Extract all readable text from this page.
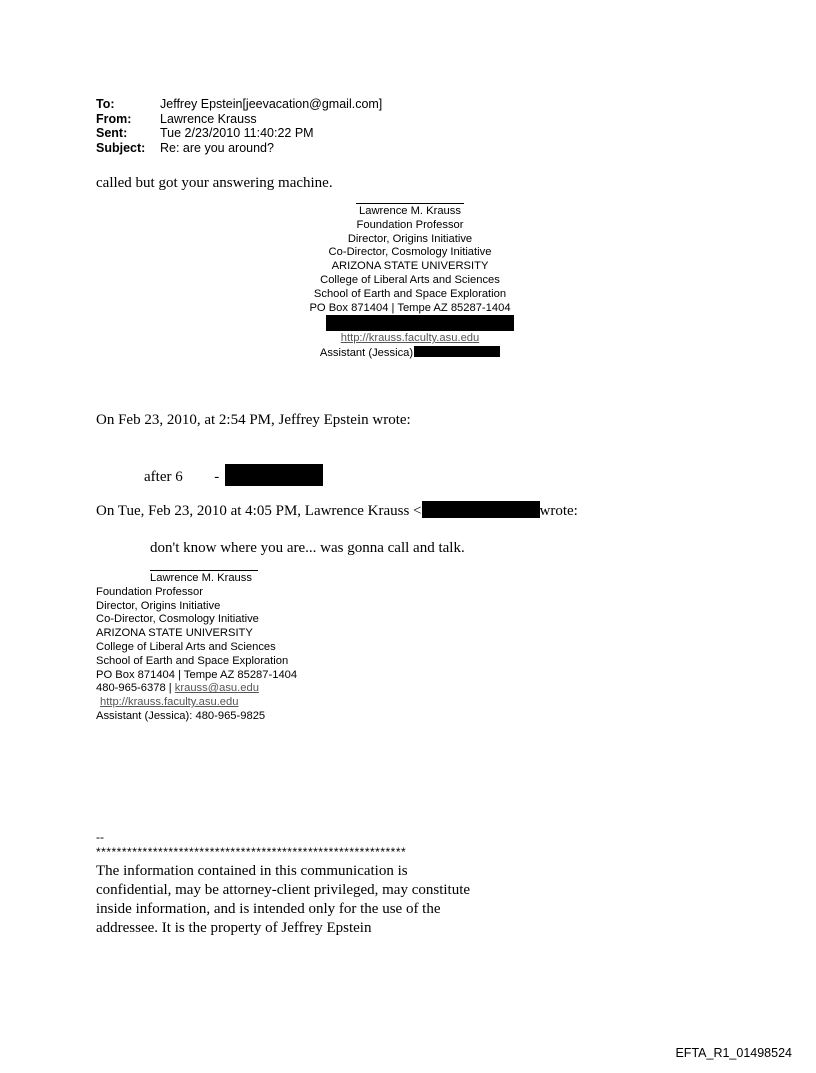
To:	Jeffrey Epstein[jeevacation@gmail.com]
From:	Lawrence Krauss
Sent:	Tue 2/23/2010 11:40:22 PM
Subject:	Re: are you around?
called but got your answering machine.
Lawrence M. Krauss
Foundation Professor
Director, Origins Initiative
Co-Director, Cosmology Initiative
ARIZONA STATE UNIVERSITY
College of Liberal Arts and Sciences
School of Earth and Space Exploration
PO Box 871404 | Tempe AZ 85287-1404
http://krauss.faculty.asu.edu
Assistant (Jessica)
On Feb 23, 2010, at 2:54 PM, Jeffrey Epstein wrote:
after 6 -
On Tue, Feb 23, 2010 at 4:05 PM, Lawrence Krauss <	wrote:
don't know where you are... was gonna call and talk.
Lawrence M. Krauss
Foundation Professor
Director, Origins Initiative
Co-Director, Cosmology Initiative
ARIZONA STATE UNIVERSITY
College of Liberal Arts and Sciences
School of Earth and Space Exploration
PO Box 871404 | Tempe AZ 85287-1404
480-965-6378 | krauss@asu.edu
http://krauss.faculty.asu.edu
Assistant (Jessica): 480-965-9825
--
************************************************************
The information contained in this communication is confidential, may be attorney-client privileged, may constitute inside information, and is intended only for the use of the addressee. It is the property of Jeffrey Epstein
EFTA_R1_01498524
